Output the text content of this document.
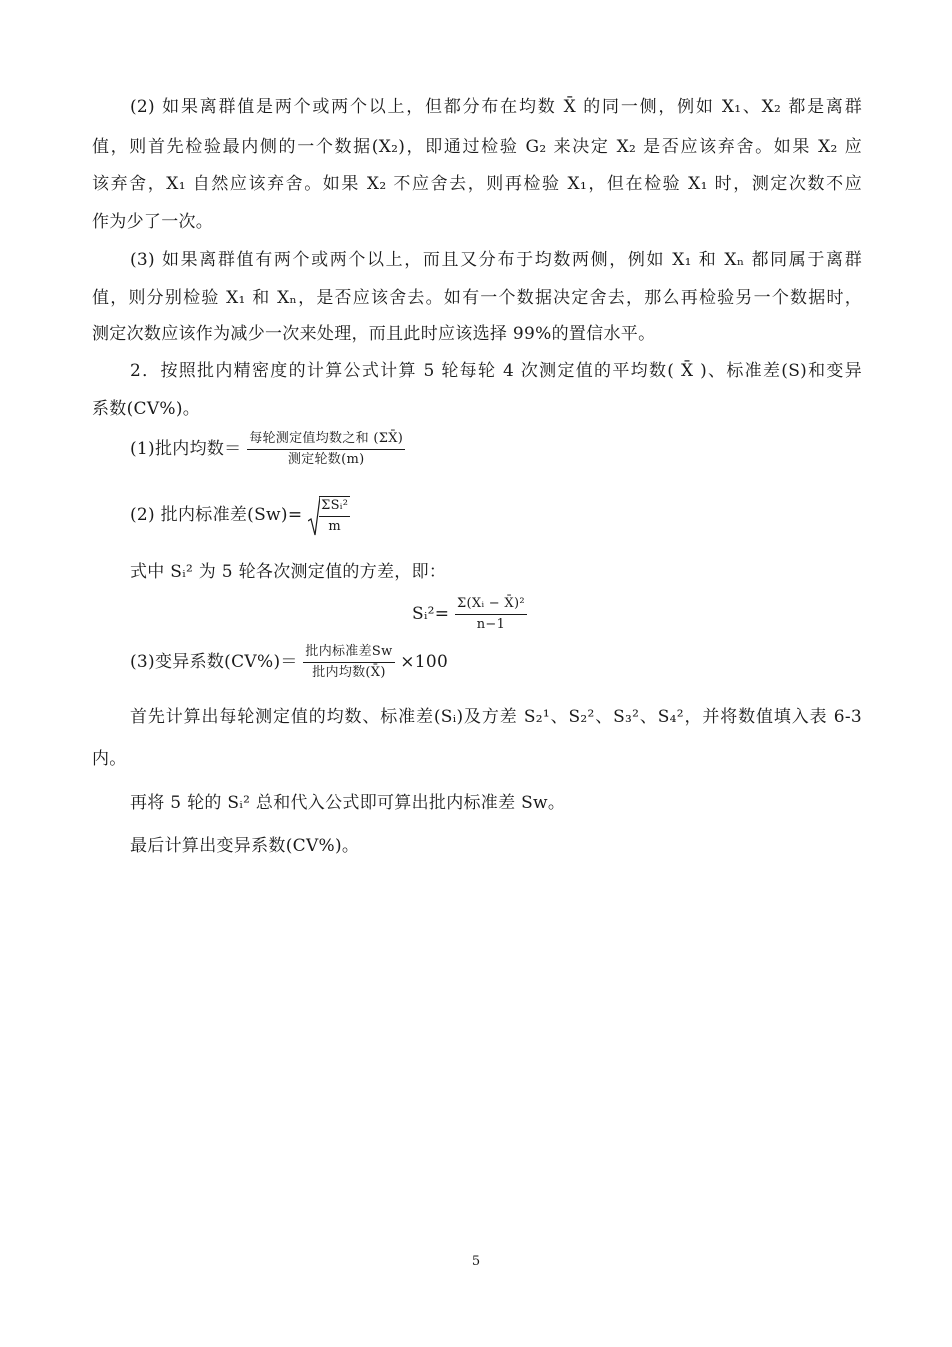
(2) 如果离群值是两个或两个以上，但都分布在均数 X̄ 的同一侧，例如 X₁、X₂ 都是离群
值，则首先检验最内侧的一个数据(X₂)，即通过检验 G₂ 来决定 X₂ 是否应该弃舍。如果 X₂ 应
该弃舍，X₁ 自然应该弃舍。如果 X₂ 不应舍去，则再检验 X₁，但在检验 X₁ 时，测定次数不应
作为少了一次。
(3) 如果离群值有两个或两个以上，而且又分布于均数两侧，例如 X₁ 和 Xₙ 都同属于离群
值，则分别检验 X₁ 和 Xₙ，是否应该舍去。如有一个数据决定舍去，那么再检验另一个数据时，
测定次数应该作为减少一次来处理，而且此时应该选择 99%的置信水平。
2．按照批内精密度的计算公式计算 5 轮每轮 4 次测定值的平均数( X̄ )、标准差(S)和变异
系数(CV%)。
(1)批内均数＝ $\frac{\text{每轮测定值均数之和 (ΣX̄)}}{\text{测定轮数(m)}}$
(2) 批内标准差$(Sw)= \frac{\text{ΣSᵢ²}}{m}$
式中 Sᵢ² 为 5 轮各次测定值的方差，即：
Sᵢ²= $\frac{\text{Σ(Xᵢ − X̄)²}}{n-1}$
(3)变异系数$(CV\%)= \frac{\text{批内标准差Sw}}{\text{批内均数(X̄)}} \times 100$
首先计算出每轮测定值的均数、标准差(Sᵢ)及方差 S₂¹、S₂²、S₃²、S₄²，并将数值填入表 6-3
内。
再将 5 轮的 Sᵢ² 总和代入公式即可算出批内标准差 Sw。
最后计算出变异系数(CV%)。
5
